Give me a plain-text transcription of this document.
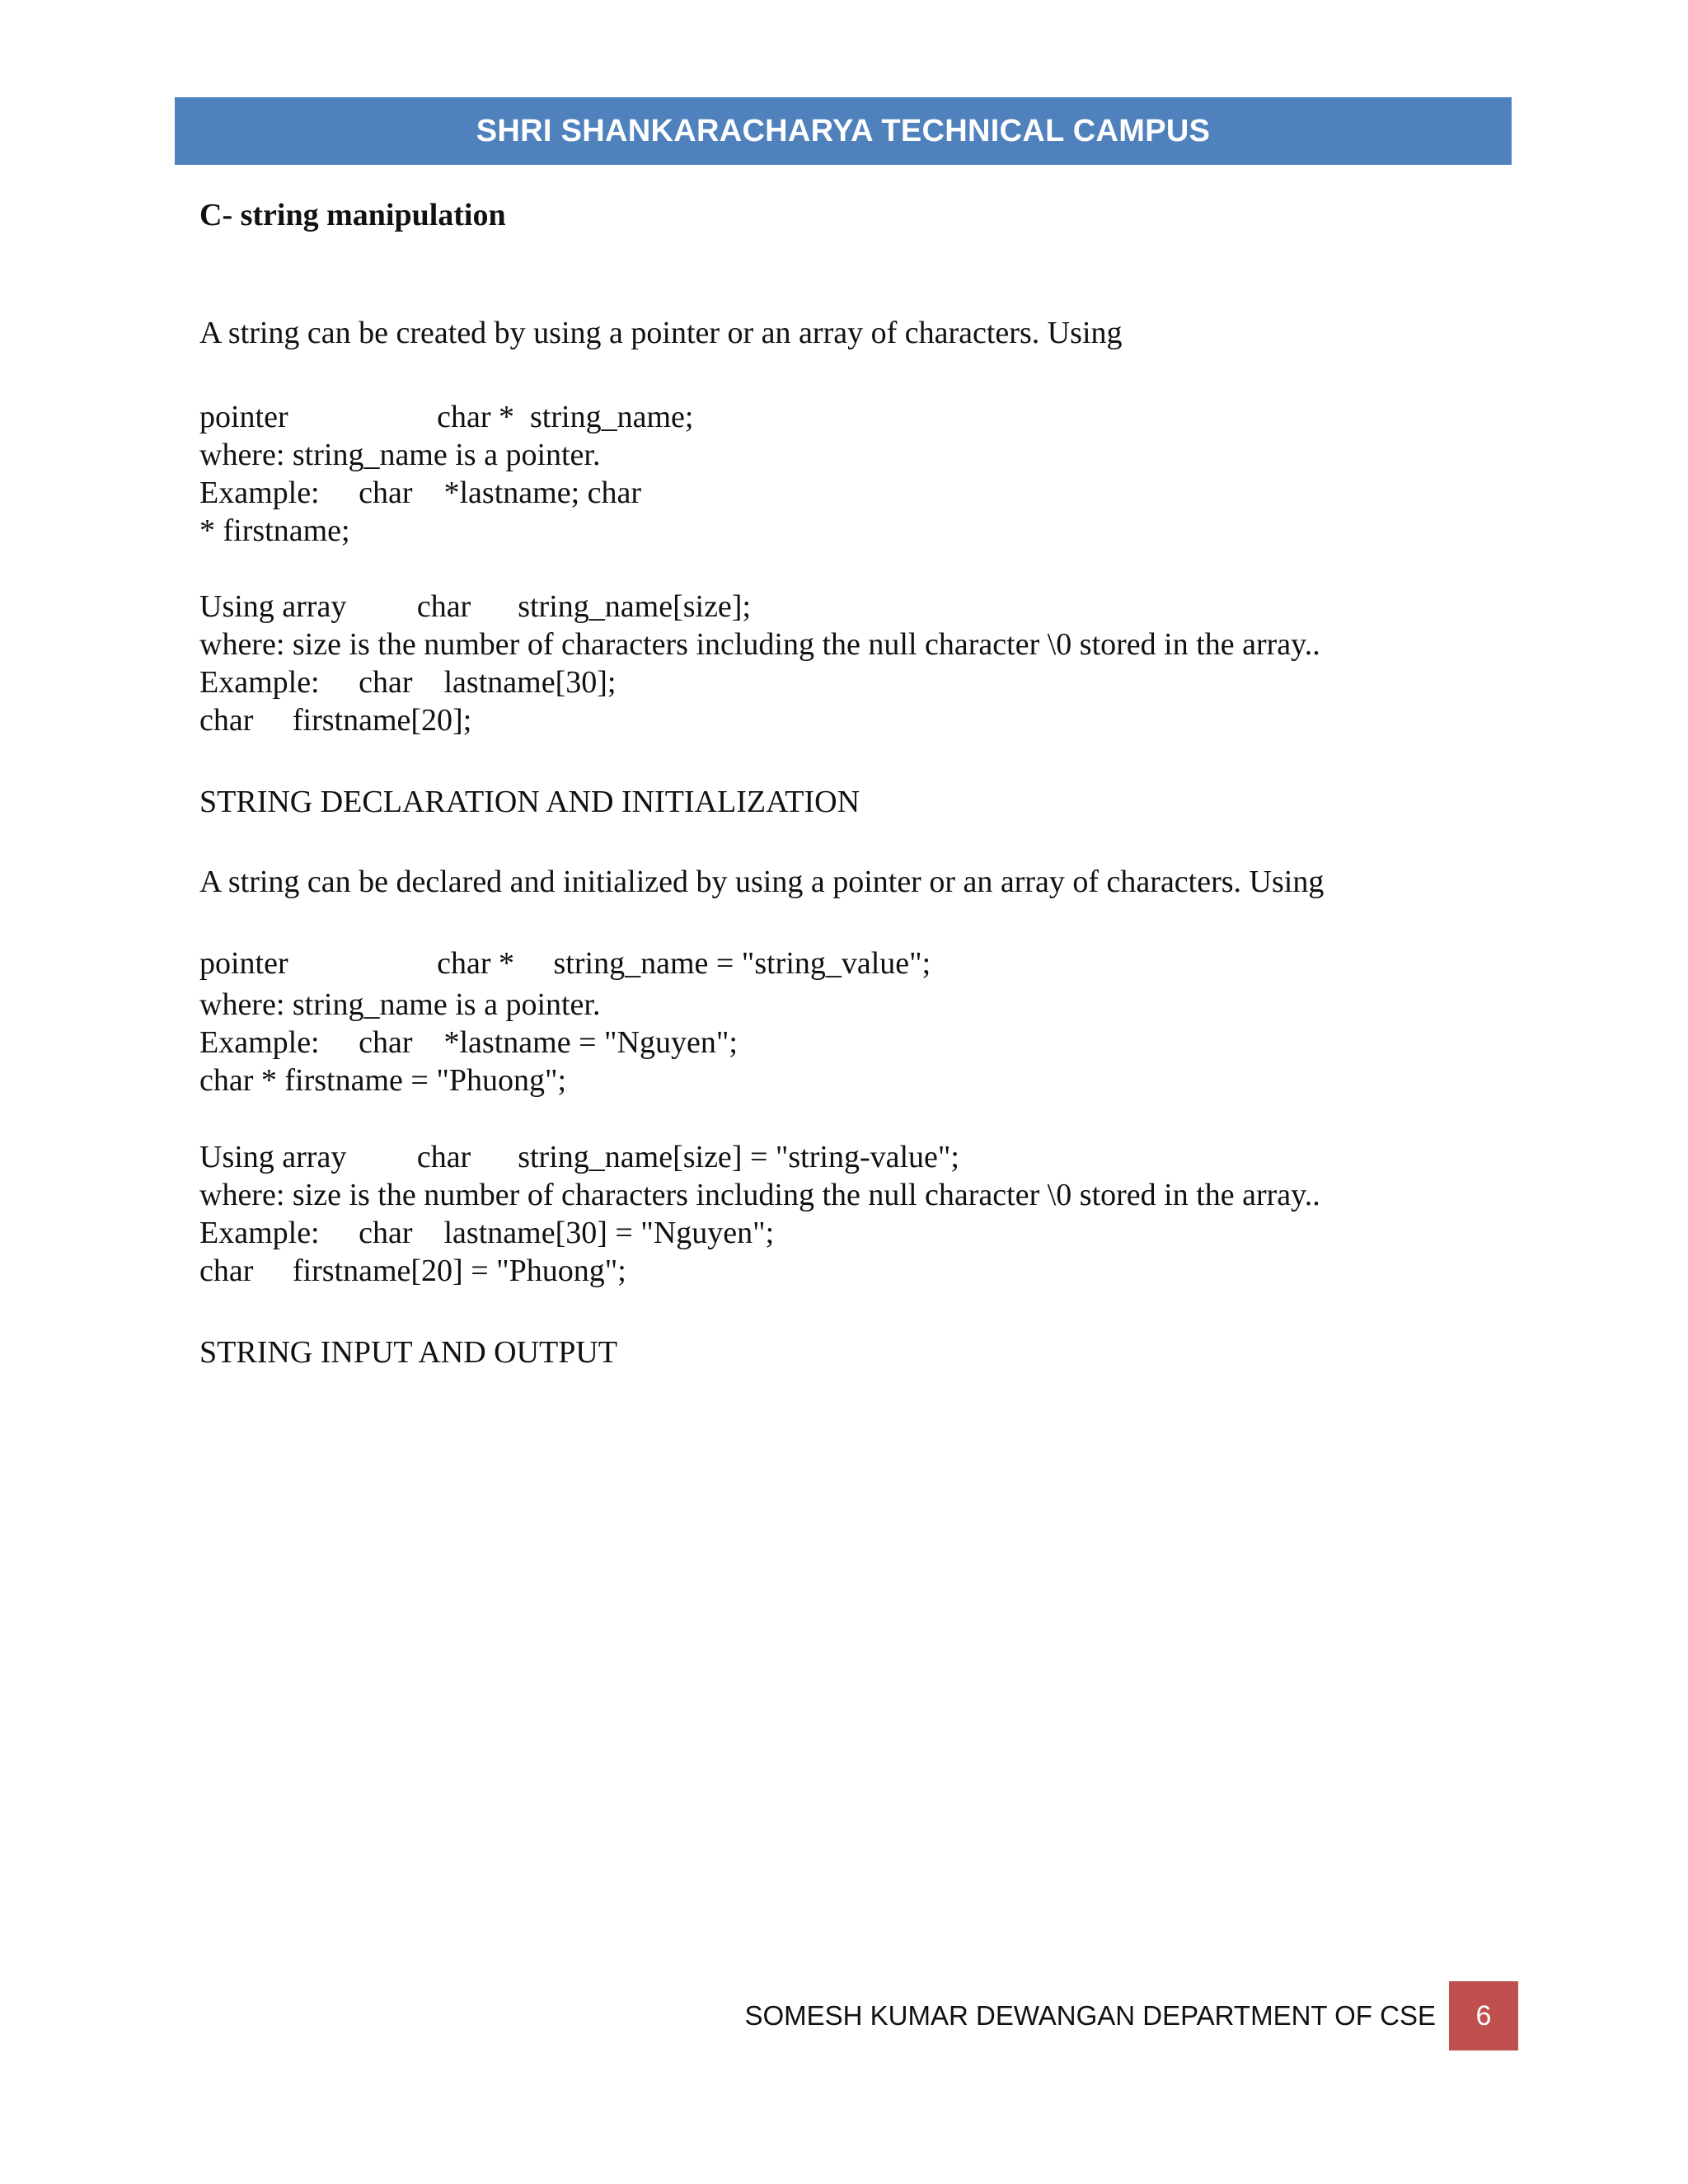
SHRI SHANKARACHARYA TECHNICAL CAMPUS
C- string manipulation
A string can be created by using a pointer or an array of characters. Using
pointer                   char *  string_name;
where: string_name is a pointer.
Example:     char    *lastname; char
* firstname;
Using array         char      string_name[size];
where: size is the number of characters including the null character \0 stored in the array..
Example:     char    lastname[30];
char     firstname[20];
STRING DECLARATION AND INITIALIZATION
A string can be declared and initialized by using a pointer or an array of characters. Using
pointer                   char *     string_name = "string_value";
where: string_name is a pointer.
Example:     char    *lastname = "Nguyen";
char * firstname = "Phuong";
Using array         char      string_name[size] = "string-value";
where: size is the number of characters including the null character \0 stored in the array..
Example:     char    lastname[30] = "Nguyen";
char     firstname[20] = "Phuong";
STRING INPUT AND OUTPUT
SOMESH KUMAR DEWANGAN DEPARTMENT OF CSE	6
